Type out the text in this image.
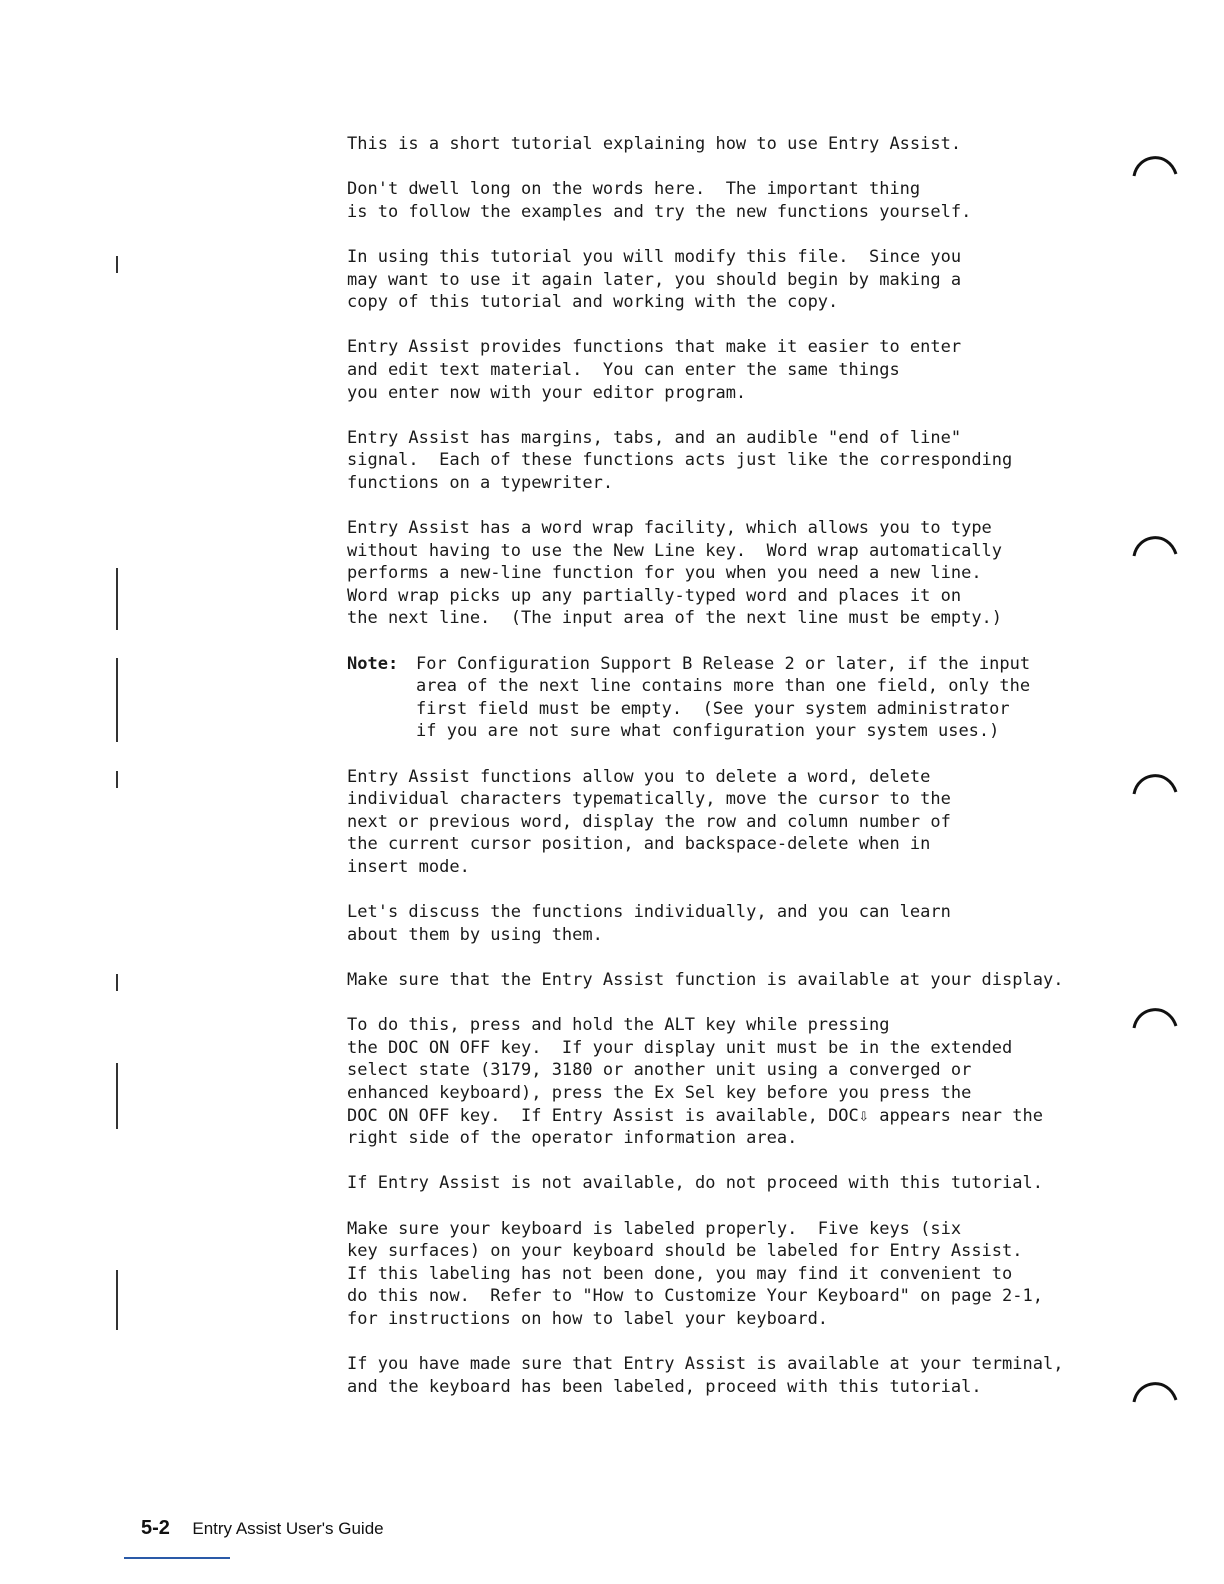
This is a short tutorial explaining how to use Entry Assist.
Don't dwell long on the words here.  The important thing
is to follow the examples and try the new functions yourself.
In using this tutorial you will modify this file.  Since you
may want to use it again later, you should begin by making a
copy of this tutorial and working with the copy.
Entry Assist provides functions that make it easier to enter
and edit text material.  You can enter the same things
you enter now with your editor program.
Entry Assist has margins, tabs, and an audible "end of line"
signal.  Each of these functions acts just like the corresponding
functions on a typewriter.
Entry Assist has a word wrap facility, which allows you to type
without having to use the New Line key.  Word wrap automatically
performs a new-line function for you when you need a new line.
Word wrap picks up any partially-typed word and places it on
the next line.  (The input area of the next line must be empty.)
Note:	For Configuration Support B Release 2 or later, if the input
area of the next line contains more than one field, only the
first field must be empty.  (See your system administrator
if you are not sure what configuration your system uses.)
Entry Assist functions allow you to delete a word, delete
individual characters typematically, move the cursor to the
next or previous word, display the row and column number of
the current cursor position, and backspace-delete when in
insert mode.
Let's discuss the functions individually, and you can learn
about them by using them.
Make sure that the Entry Assist function is available at your display.
To do this, press and hold the ALT key while pressing
the DOC ON OFF key.  If your display unit must be in the extended
select state (3179, 3180 or another unit using a converged or
enhanced keyboard), press the Ex Sel key before you press the
DOC ON OFF key.  If Entry Assist is available, DOC⇩ appears near the
right side of the operator information area.
If Entry Assist is not available, do not proceed with this tutorial.
Make sure your keyboard is labeled properly.  Five keys (six
key surfaces) on your keyboard should be labeled for Entry Assist.
If this labeling has not been done, you may find it convenient to
do this now.  Refer to "How to Customize Your Keyboard" on page 2-1,
for instructions on how to label your keyboard.
If you have made sure that Entry Assist is available at your terminal,
and the keyboard has been labeled, proceed with this tutorial.
5-2 Entry Assist User's Guide
